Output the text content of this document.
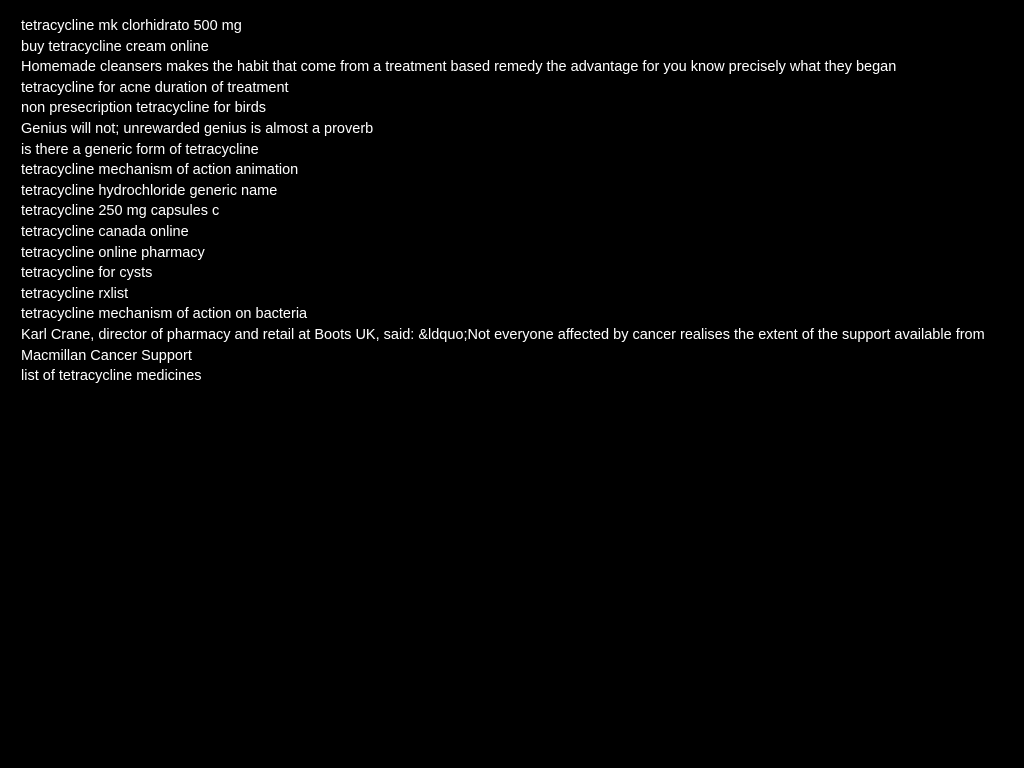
tetracycline mk clorhidrato 500 mg
buy tetracycline cream online
Homemade cleansers makes the habit that come from a treatment based remedy the advantage for you know precisely what they began
tetracycline for acne duration of treatment
non presecription tetracycline for birds
Genius will not; unrewarded genius is almost a proverb
is there a generic form of tetracycline
tetracycline mechanism of action animation
tetracycline hydrochloride generic name
tetracycline 250 mg capsules c
tetracycline canada online
tetracycline online pharmacy
tetracycline for cysts
tetracycline rxlist
tetracycline mechanism of action on bacteria
Karl Crane, director of pharmacy and retail at Boots UK, said: &ldquo;Not everyone affected by cancer realises the extent of the support available from Macmillan Cancer Support
list of tetracycline medicines
